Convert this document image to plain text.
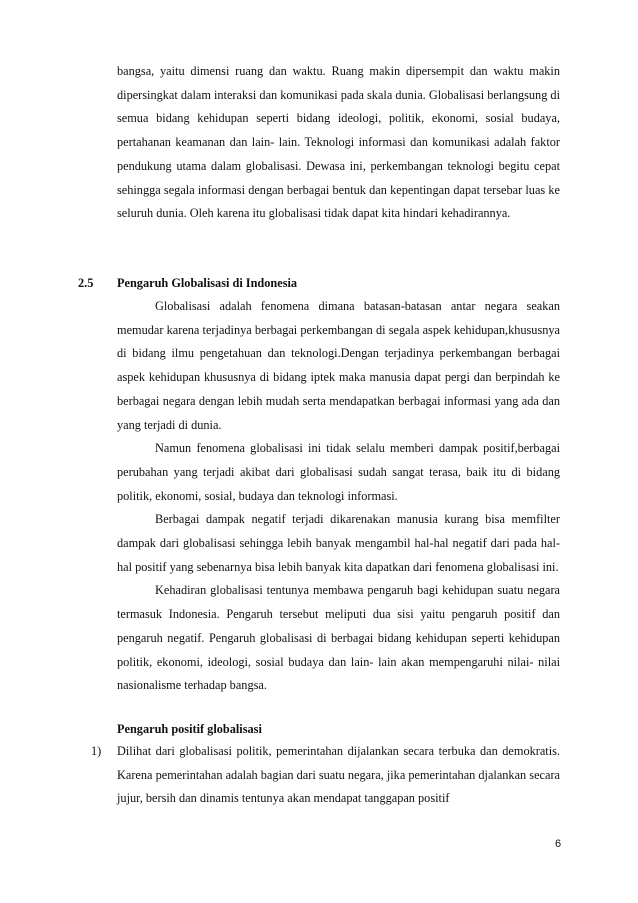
bangsa, yaitu dimensi ruang dan waktu. Ruang makin dipersempit dan waktu makin dipersingkat dalam interaksi dan komunikasi pada skala dunia. Globalisasi berlangsung di semua bidang kehidupan seperti bidang ideologi, politik, ekonomi, sosial budaya, pertahanan keamanan dan lain- lain. Teknologi informasi dan komunikasi adalah faktor pendukung utama dalam globalisasi. Dewasa ini, perkembangan teknologi begitu cepat sehingga segala informasi dengan berbagai bentuk dan kepentingan dapat tersebar luas ke seluruh dunia. Oleh karena itu globalisasi tidak dapat kita hindari kehadirannya.

2.5 Pengaruh Globalisasi di Indonesia

Globalisasi adalah fenomena dimana batasan-batasan antar negara seakan memudar karena terjadinya berbagai perkembangan di segala aspek kehidupan,khususnya di bidang ilmu pengetahuan dan teknologi.Dengan terjadinya perkembangan berbagai aspek kehidupan khususnya di bidang iptek maka manusia dapat pergi dan berpindah ke berbagai negara dengan lebih mudah serta mendapatkan berbagai informasi yang ada dan yang terjadi di dunia.

Namun fenomena globalisasi ini tidak selalu memberi dampak positif,berbagai perubahan yang terjadi akibat dari globalisasi sudah sangat terasa, baik itu di bidang politik, ekonomi, sosial, budaya dan teknologi informasi.

Berbagai dampak negatif terjadi dikarenakan manusia kurang bisa memfilter dampak dari globalisasi sehingga lebih banyak mengambil hal-hal negatif dari pada hal-hal positif yang sebenarnya bisa lebih banyak kita dapatkan dari fenomena globalisasi ini.

Kehadiran globalisasi tentunya membawa pengaruh bagi kehidupan suatu negara termasuk Indonesia. Pengaruh tersebut meliputi dua sisi yaitu pengaruh positif dan pengaruh negatif. Pengaruh globalisasi di berbagai bidang kehidupan seperti kehidupan politik, ekonomi, ideologi, sosial budaya dan lain- lain akan mempengaruhi nilai- nilai nasionalisme terhadap bangsa.

Pengaruh positif globalisasi
1) Dilihat dari globalisasi politik, pemerintahan dijalankan secara terbuka dan demokratis. Karena pemerintahan adalah bagian dari suatu negara, jika pemerintahan djalankan secara jujur, bersih dan dinamis tentunya akan mendapat tanggapan positif

6
